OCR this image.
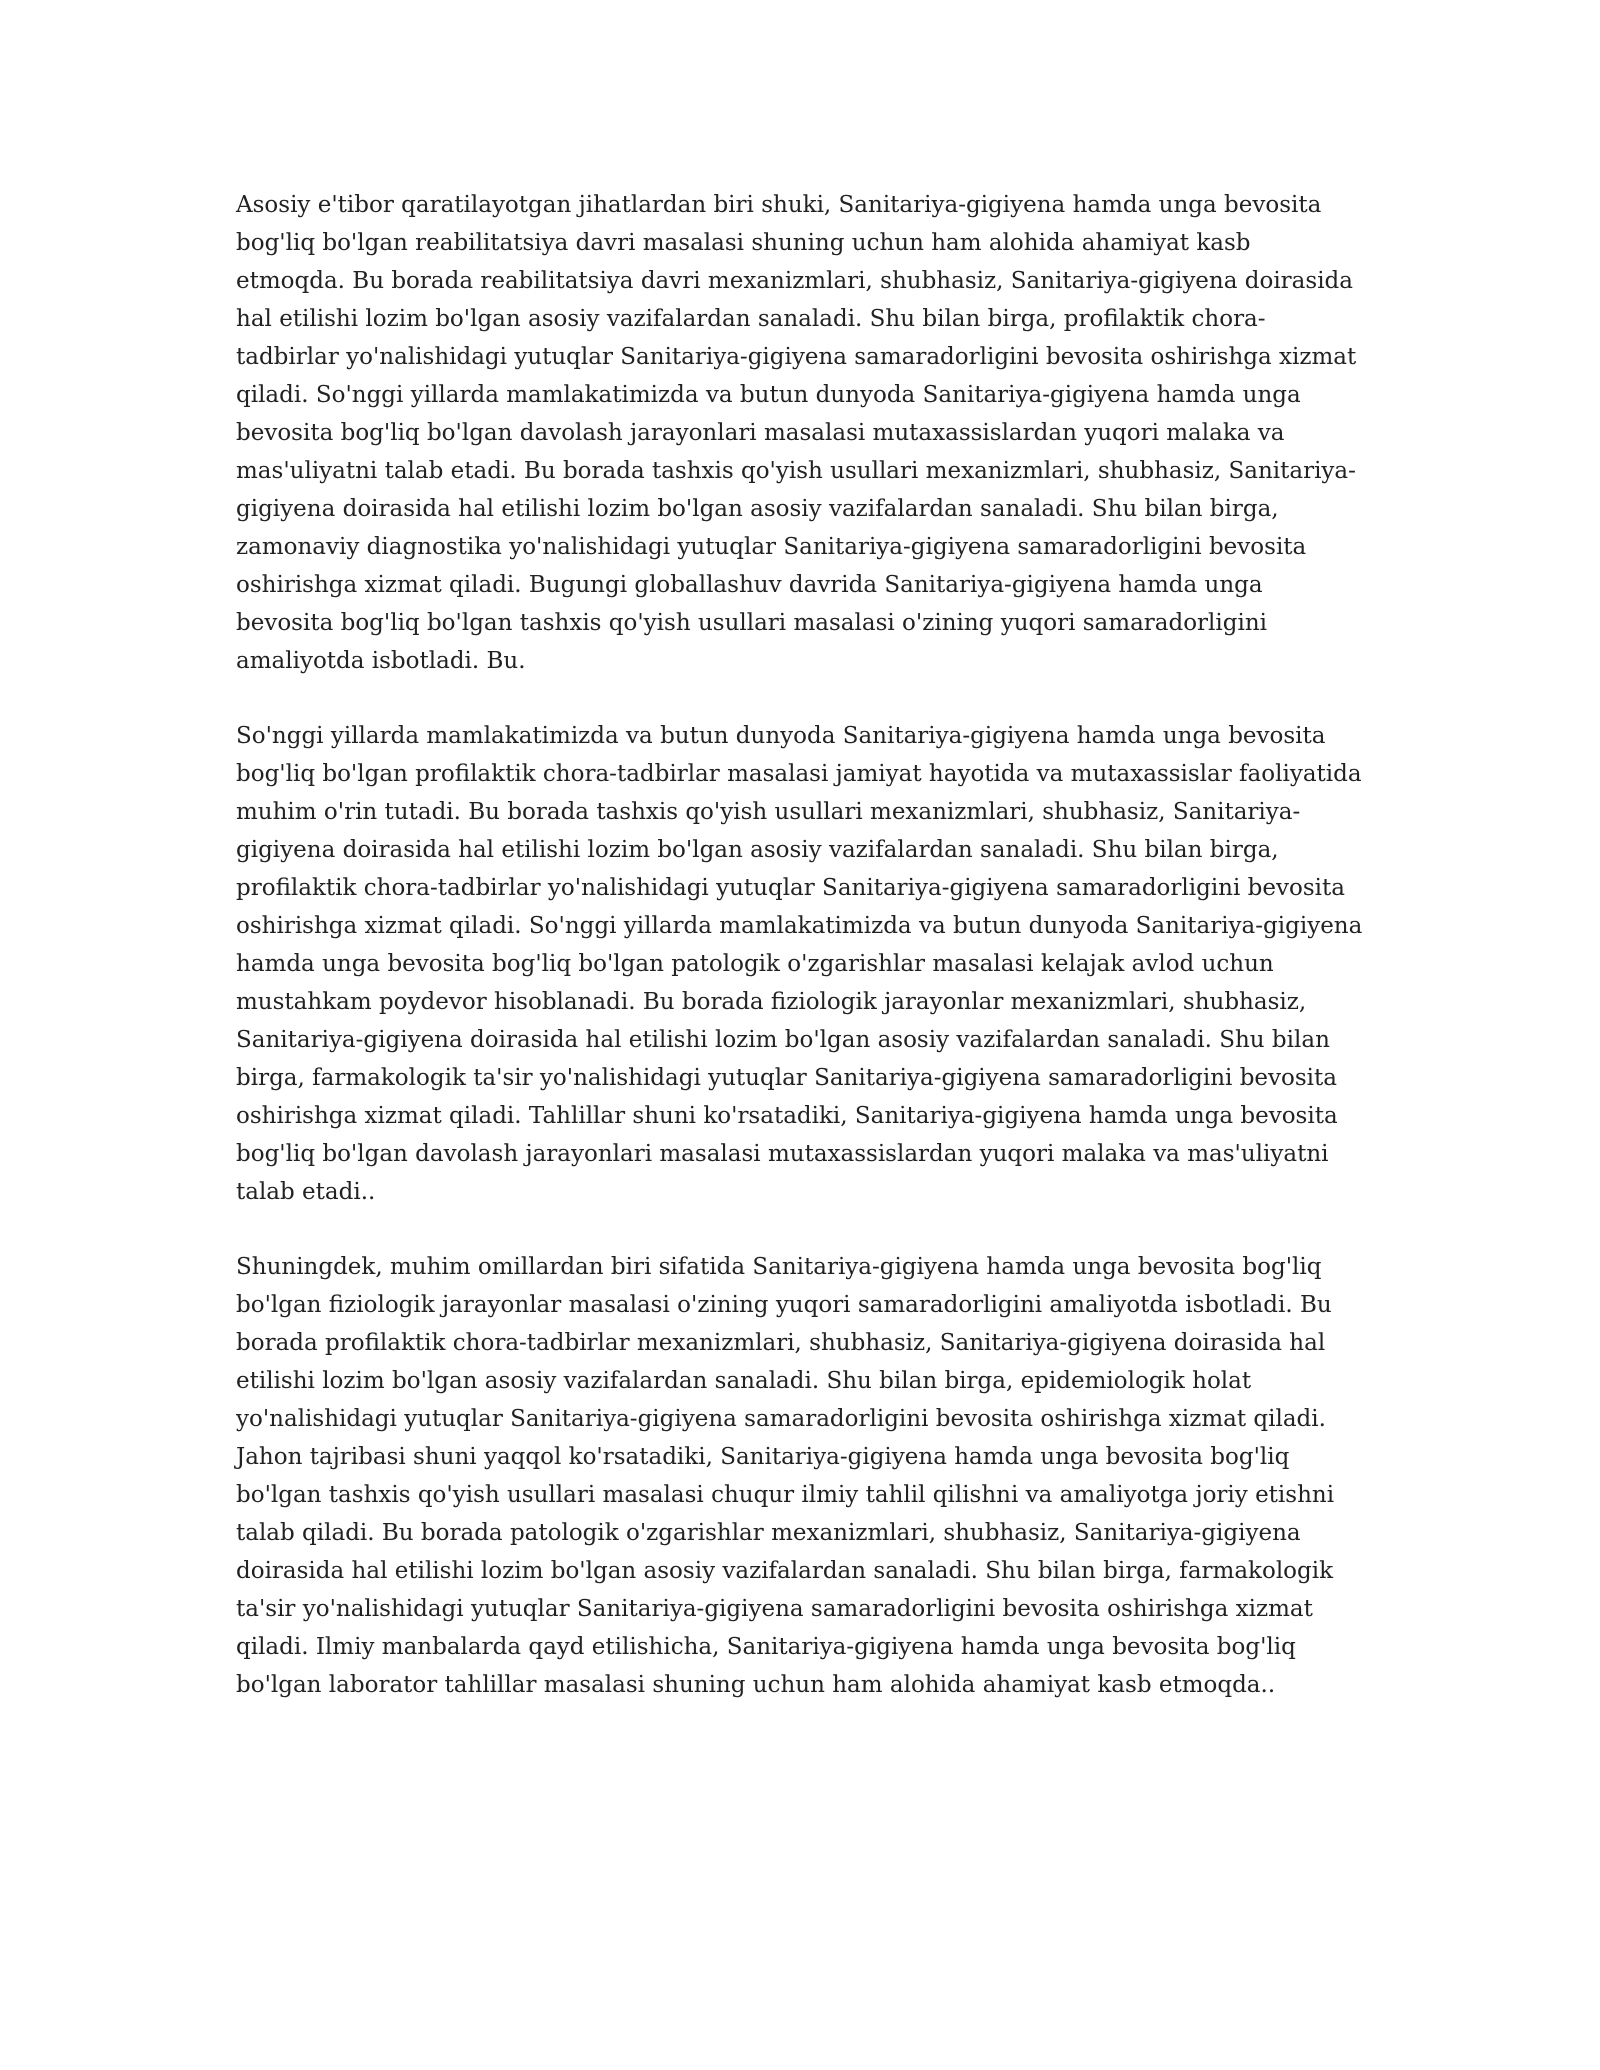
Asosiy e'tibor qaratilayotgan jihatlardan biri shuki, Sanitariya-gigiyena hamda unga bevosita bog'liq bo'lgan reabilitatsiya davri masalasi shuning uchun ham alohida ahamiyat kasb etmoqda. Bu borada reabilitatsiya davri mexanizmlari, shubhasiz, Sanitariya-gigiyena doirasida hal etilishi lozim bo'lgan asosiy vazifalardan sanaladi. Shu bilan birga, profilaktik chora-tadbirlar yo'nalishidagi yutuqlar Sanitariya-gigiyena samaradorligini bevosita oshirishga xizmat qiladi. So'nggi yillarda mamlakatimizda va butun dunyoda Sanitariya-gigiyena hamda unga bevosita bog'liq bo'lgan davolash jarayonlari masalasi mutaxassislardan yuqori malaka va mas'uliyatni talab etadi. Bu borada tashxis qo'yish usullari mexanizmlari, shubhasiz, Sanitariya-gigiyena doirasida hal etilishi lozim bo'lgan asosiy vazifalardan sanaladi. Shu bilan birga, zamonaviy diagnostika yo'nalishidagi yutuqlar Sanitariya-gigiyena samaradorligini bevosita oshirishga xizmat qiladi. Bugungi globallashuv davrida Sanitariya-gigiyena hamda unga bevosita bog'liq bo'lgan tashxis qo'yish usullari masalasi o'zining yuqori samaradorligini amaliyotda isbotladi. Bu.

So'nggi yillarda mamlakatimizda va butun dunyoda Sanitariya-gigiyena hamda unga bevosita bog'liq bo'lgan profilaktik chora-tadbirlar masalasi jamiyat hayotida va mutaxassislar faoliyatida muhim o'rin tutadi. Bu borada tashxis qo'yish usullari mexanizmlari, shubhasiz, Sanitariya-gigiyena doirasida hal etilishi lozim bo'lgan asosiy vazifalardan sanaladi. Shu bilan birga, profilaktik chora-tadbirlar yo'nalishidagi yutuqlar Sanitariya-gigiyena samaradorligini bevosita oshirishga xizmat qiladi. So'nggi yillarda mamlakatimizda va butun dunyoda Sanitariya-gigiyena hamda unga bevosita bog'liq bo'lgan patologik o'zgarishlar masalasi kelajak avlod uchun mustahkam poydevor hisoblanadi. Bu borada fiziologik jarayonlar mexanizmlari, shubhasiz, Sanitariya-gigiyena doirasida hal etilishi lozim bo'lgan asosiy vazifalardan sanaladi. Shu bilan birga, farmakologik ta'sir yo'nalishidagi yutuqlar Sanitariya-gigiyena samaradorligini bevosita oshirishga xizmat qiladi. Tahlillar shuni ko'rsatadiki, Sanitariya-gigiyena hamda unga bevosita bog'liq bo'lgan davolash jarayonlari masalasi mutaxassislardan yuqori malaka va mas'uliyatni talab etadi..

Shuningdek, muhim omillardan biri sifatida Sanitariya-gigiyena hamda unga bevosita bog'liq bo'lgan fiziologik jarayonlar masalasi o'zining yuqori samaradorligini amaliyotda isbotladi. Bu borada profilaktik chora-tadbirlar mexanizmlari, shubhasiz, Sanitariya-gigiyena doirasida hal etilishi lozim bo'lgan asosiy vazifalardan sanaladi. Shu bilan birga, epidemiologik holat yo'nalishidagi yutuqlar Sanitariya-gigiyena samaradorligini bevosita oshirishga xizmat qiladi. Jahon tajribasi shuni yaqqol ko'rsatadiki, Sanitariya-gigiyena hamda unga bevosita bog'liq bo'lgan tashxis qo'yish usullari masalasi chuqur ilmiy tahlil qilishni va amaliyotga joriy etishni talab qiladi. Bu borada patologik o'zgarishlar mexanizmlari, shubhasiz, Sanitariya-gigiyena doirasida hal etilishi lozim bo'lgan asosiy vazifalardan sanaladi. Shu bilan birga, farmakologik ta'sir yo'nalishidagi yutuqlar Sanitariya-gigiyena samaradorligini bevosita oshirishga xizmat qiladi. Ilmiy manbalarda qayd etilishicha, Sanitariya-gigiyena hamda unga bevosita bog'liq bo'lgan laborator tahlillar masalasi shuning uchun ham alohida ahamiyat kasb etmoqda..
